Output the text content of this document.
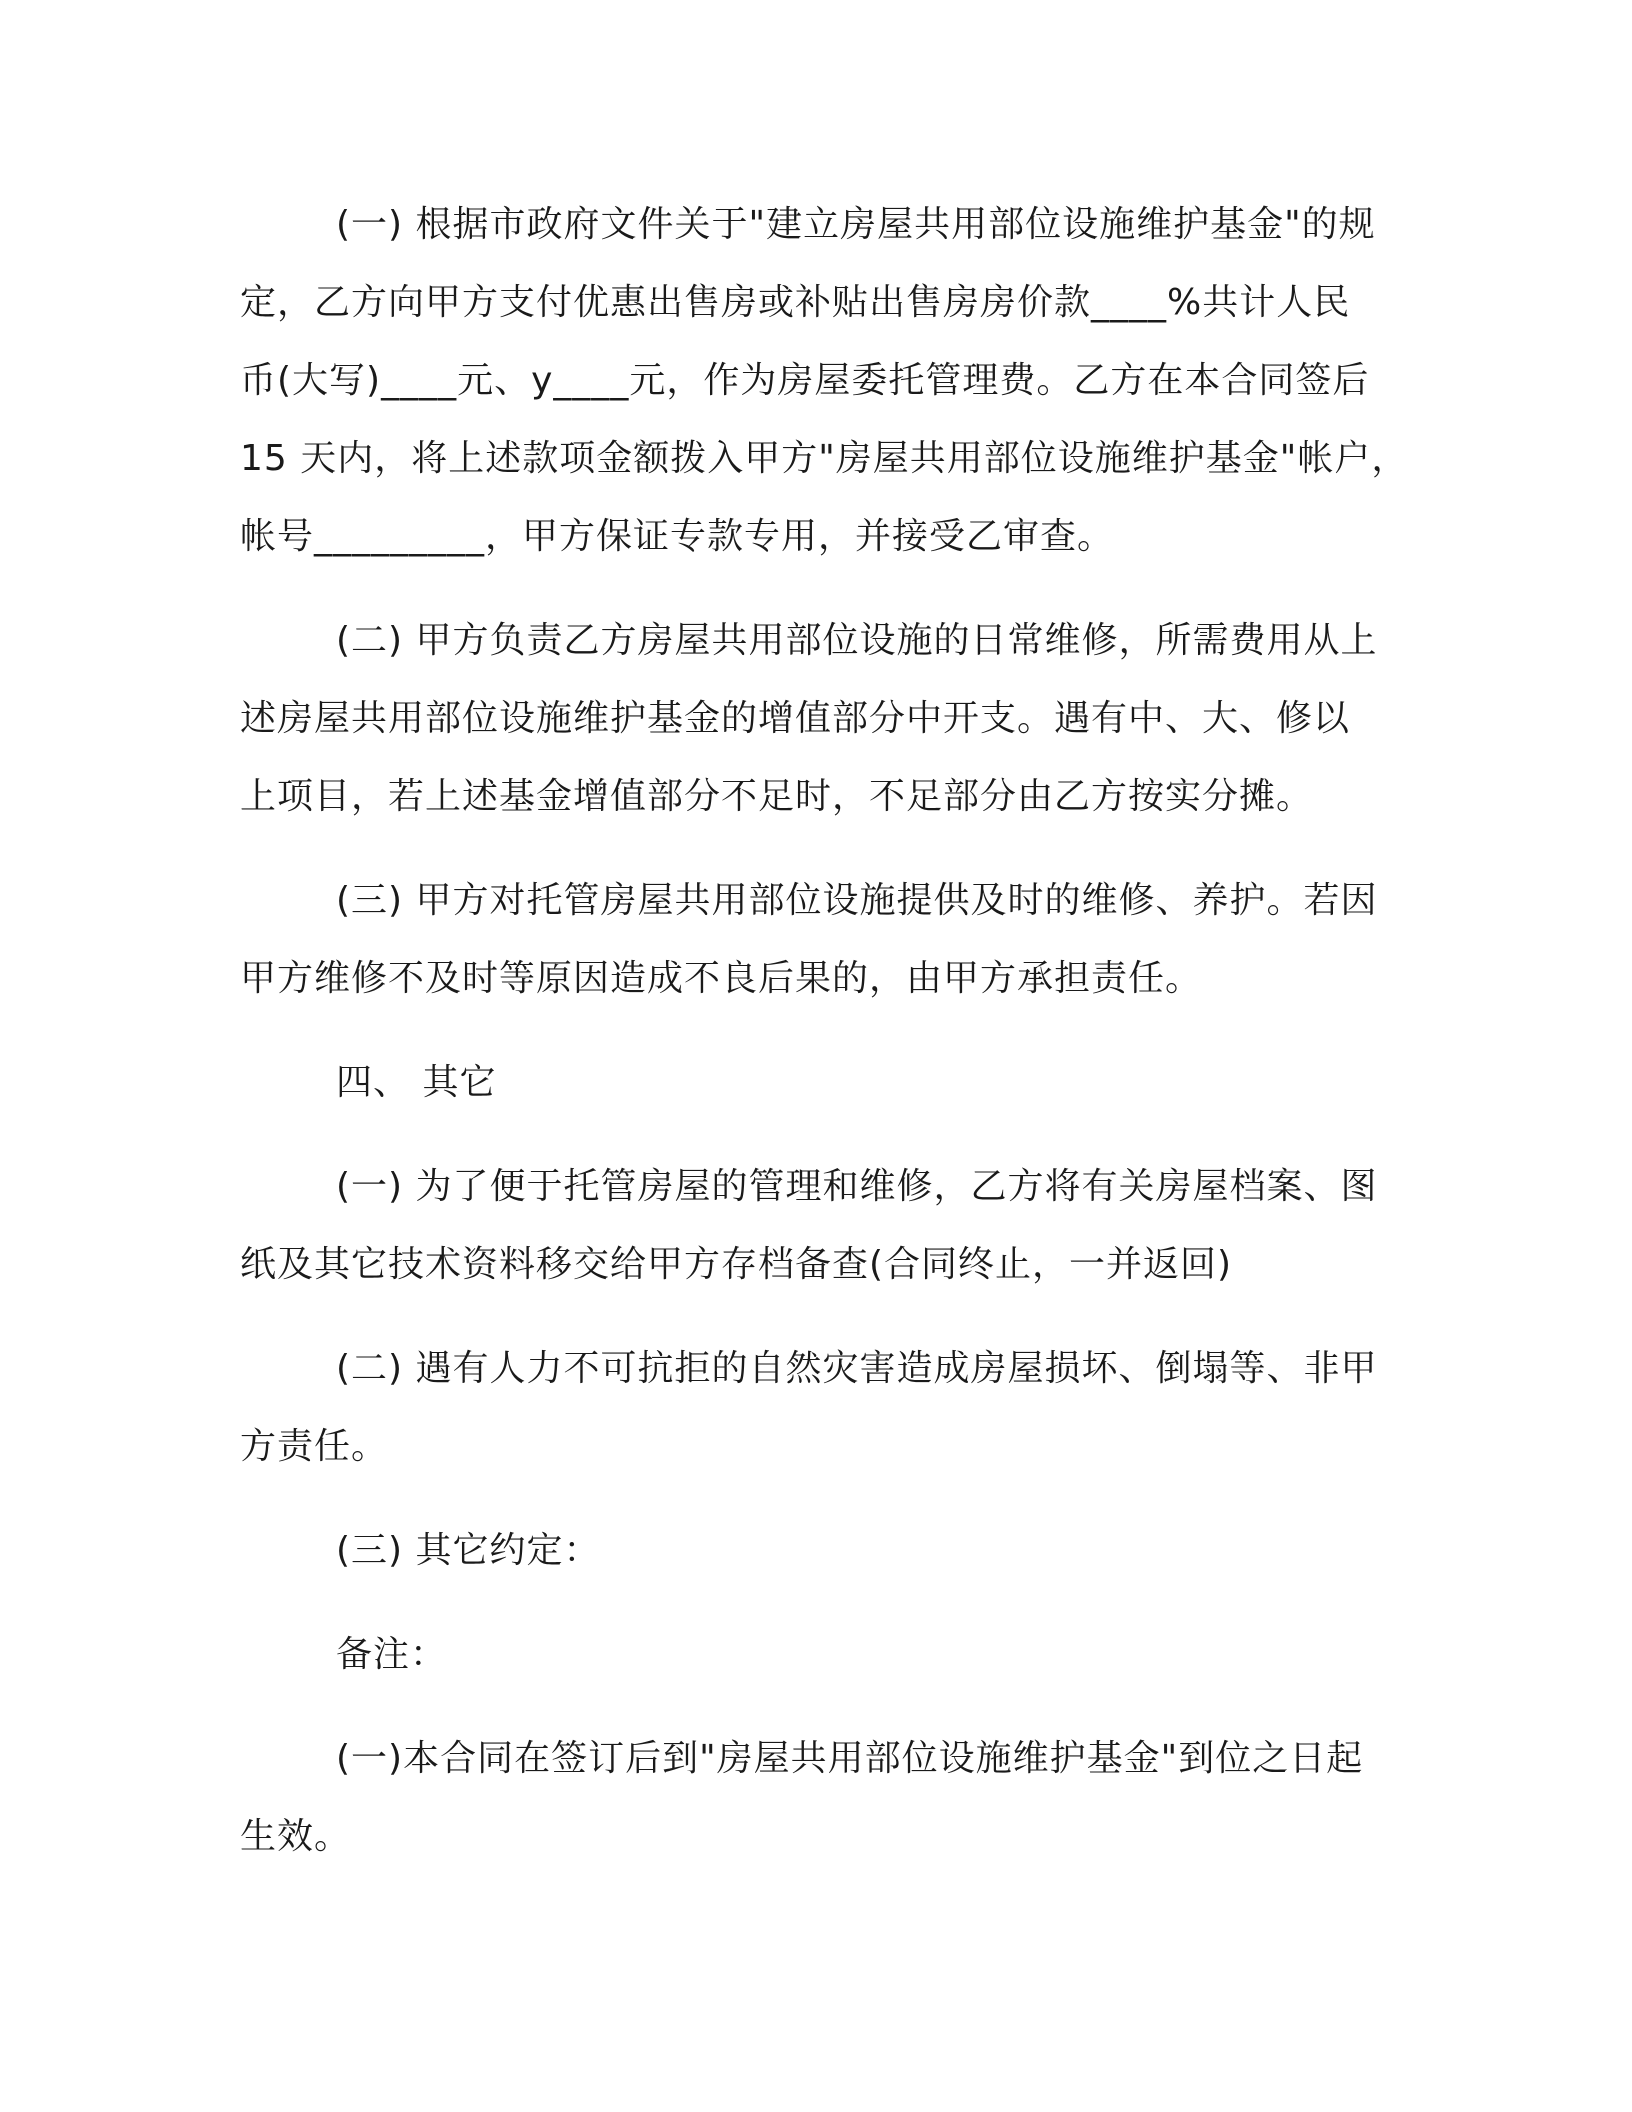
(一) 根据市政府文件关于"建立房屋共用部位设施维护基金"的规
定，乙方向甲方支付优惠出售房或补贴出售房房价款____%共计人民
币(大写)____元、y____元，作为房屋委托管理费。乙方在本合同签后
15 天内，将上述款项金额拨入甲方"房屋共用部位设施维护基金"帐户，
帐号_________，甲方保证专款专用，并接受乙审查。

(二) 甲方负责乙方房屋共用部位设施的日常维修，所需费用从上
述房屋共用部位设施维护基金的增值部分中开支。遇有中、大、修以
上项目，若上述基金增值部分不足时，不足部分由乙方按实分摊。

(三) 甲方对托管房屋共用部位设施提供及时的维修、养护。若因
甲方维修不及时等原因造成不良后果的，由甲方承担责任。

四、 其它

(一) 为了便于托管房屋的管理和维修，乙方将有关房屋档案、图
纸及其它技术资料移交给甲方存档备查(合同终止，一并返回)

(二) 遇有人力不可抗拒的自然灾害造成房屋损坏、倒塌等、非甲
方责任。

(三) 其它约定：

备注：

(一)本合同在签订后到"房屋共用部位设施维护基金"到位之日起
生效。
